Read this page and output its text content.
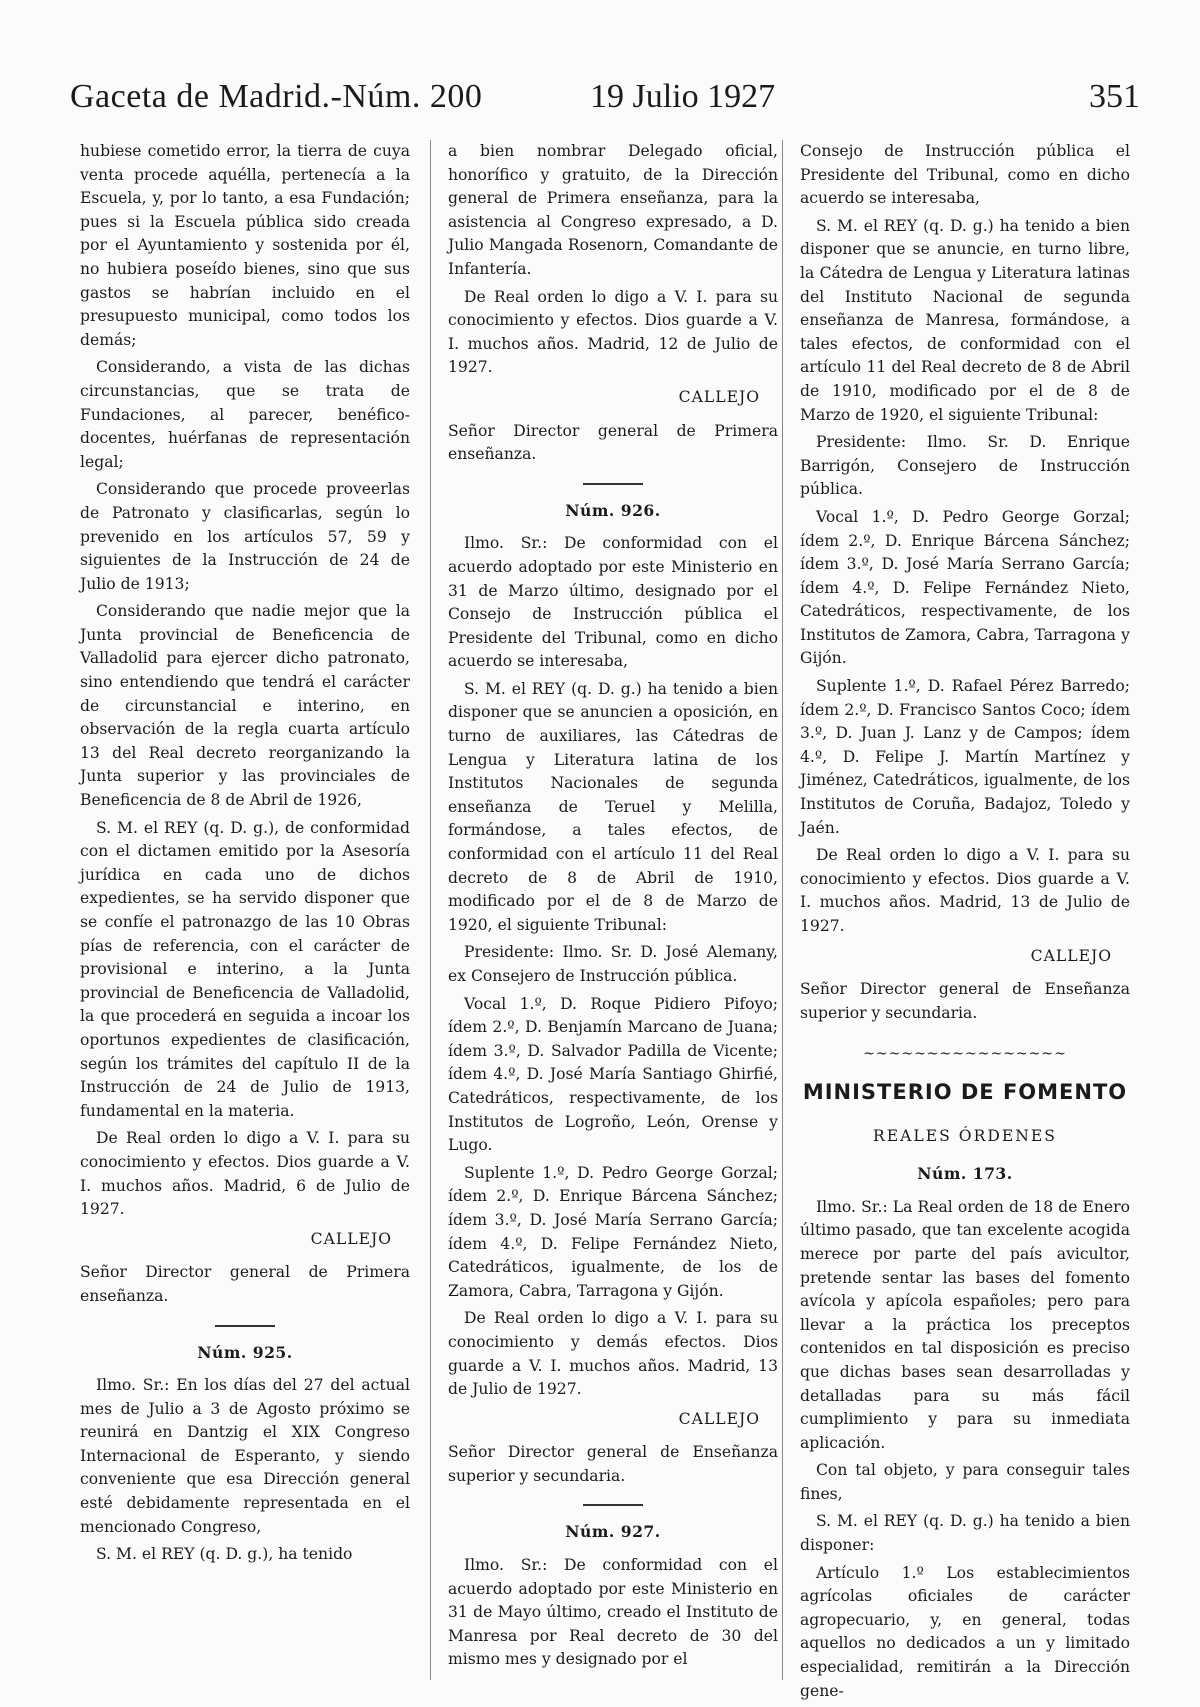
Gaceta de Madrid.-Núm. 200	19 Julio 1927	351

hubiese cometido error, la tierra de cuya venta procede aquélla, pertenecía a la Escuela, y, por lo tanto, a esa Fundación; pues si la Escuela pública sido creada por el Ayuntamiento y sostenida por él, no hubiera poseído bienes, sino que sus gastos se habrían incluido en el presupuesto municipal, como todos los demás;

Considerando, a vista de las dichas circunstancias, que se trata de Fundaciones, al parecer, benéfico-docentes, huérfanas de representación legal;

Considerando que procede proveerlas de Patronato y clasificarlas, según lo prevenido en los artículos 57, 59 y siguientes de la Instrucción de 24 de Julio de 1913;

Considerando que nadie mejor que la Junta provincial de Beneficencia de Valladolid para ejercer dicho patronato, sino entendiendo que tendrá el carácter de circunstancial e interino, en observación de la regla cuarta artículo 13 del Real decreto reorganizando la Junta superior y las provinciales de Beneficencia de 8 de Abril de 1926,

S. M. el REY (q. D. g.), de conformidad con el dictamen emitido por la Asesoría jurídica en cada uno de dichos expedientes, se ha servido disponer que se confíe el patronazgo de las 10 Obras pías de referencia, con el carácter de provisional e interino, a la Junta provincial de Beneficencia de Valladolid, la que procederá en seguida a incoar los oportunos expedientes de clasificación, según los trámites del capítulo II de la Instrucción de 24 de Julio de 1913, fundamental en la materia.

De Real orden lo digo a V. I. para su conocimiento y efectos. Dios guarde a V. I. muchos años. Madrid, 6 de Julio de 1927.

CALLEJO

Señor Director general de Primera enseñanza.

Núm. 925.

Ilmo. Sr.: En los días del 27 del actual mes de Julio a 3 de Agosto próximo se reunirá en Dantzig el XIX Congreso Internacional de Esperanto, y siendo conveniente que esa Dirección general esté debidamente representada en el mencionado Congreso,

S. M. el REY (q. D. g.), ha tenido

a bien nombrar Delegado oficial, honorífico y gratuito, de la Dirección general de Primera enseñanza, para la asistencia al Congreso expresado, a D. Julio Mangada Rosenorn, Comandante de Infantería.

De Real orden lo digo a V. I. para su conocimiento y efectos. Dios guarde a V. I. muchos años. Madrid, 12 de Julio de 1927.

CALLEJO

Señor Director general de Primera enseñanza.

Núm. 926.

Ilmo. Sr.: De conformidad con el acuerdo adoptado por este Ministerio en 31 de Marzo último, designado por el Consejo de Instrucción pública el Presidente del Tribunal, como en dicho acuerdo se interesaba,

S. M. el REY (q. D. g.) ha tenido a bien disponer que se anuncien a oposición, en turno de auxiliares, las Cátedras de Lengua y Literatura latina de los Institutos Nacionales de segunda enseñanza de Teruel y Melilla, formándose, a tales efectos, de conformidad con el artículo 11 del Real decreto de 8 de Abril de 1910, modificado por el de 8 de Marzo de 1920, el siguiente Tribunal:

Presidente: Ilmo. Sr. D. José Alemany, ex Consejero de Instrucción pública.

Vocal 1.º, D. Roque Pidiero Pifoyo; ídem 2.º, D. Benjamín Marcano de Juana; ídem 3.º, D. Salvador Padilla de Vicente; ídem 4.º, D. José María Santiago Ghirfié, Catedráticos, respectivamente, de los Institutos de Logroño, León, Orense y Lugo.

Suplente 1.º, D. Pedro George Gorzal; ídem 2.º, D. Enrique Bárcena Sánchez; ídem 3.º, D. José María Serrano García; ídem 4.º, D. Felipe Fernández Nieto, Catedráticos, igualmente, de los de Zamora, Cabra, Tarragona y Gijón.

De Real orden lo digo a V. I. para su conocimiento y demás efectos. Dios guarde a V. I. muchos años. Madrid, 13 de Julio de 1927.

CALLEJO

Señor Director general de Enseñanza superior y secundaria.

Núm. 927.

Ilmo. Sr.: De conformidad con el acuerdo adoptado por este Ministerio en 31 de Mayo último, creado el Instituto de Manresa por Real decreto de 30 del mismo mes y designado por el

Consejo de Instrucción pública el Presidente del Tribunal, como en dicho acuerdo se interesaba,

S. M. el REY (q. D. g.) ha tenido a bien disponer que se anuncie, en turno libre, la Cátedra de Lengua y Literatura latinas del Instituto Nacional de segunda enseñanza de Manresa, formándose, a tales efectos, de conformidad con el artículo 11 del Real decreto de 8 de Abril de 1910, modificado por el de 8 de Marzo de 1920, el siguiente Tribunal:

Presidente: Ilmo. Sr. D. Enrique Barrigón, Consejero de Instrucción pública.

Vocal 1.º, D. Pedro George Gorzal; ídem 2.º, D. Enrique Bárcena Sánchez; ídem 3.º, D. José María Serrano García; ídem 4.º, D. Felipe Fernández Nieto, Catedráticos, respectivamente, de los Institutos de Zamora, Cabra, Tarragona y Gijón.

Suplente 1.º, D. Rafael Pérez Barredo; ídem 2.º, D. Francisco Santos Coco; ídem 3.º, D. Juan J. Lanz y de Campos; ídem 4.º, D. Felipe J. Martín Martínez y Jiménez, Catedráticos, igualmente, de los Institutos de Coruña, Badajoz, Toledo y Jaén.

De Real orden lo digo a V. I. para su conocimiento y efectos. Dios guarde a V. I. muchos años. Madrid, 13 de Julio de 1927.

CALLEJO

Señor Director general de Enseñanza superior y secundaria.

~~~~~~~~~~~~~~~~

MINISTERIO DE FOMENTO

REALES ÓRDENES

Núm. 173.

Ilmo. Sr.: La Real orden de 18 de Enero último pasado, que tan excelente acogida merece por parte del país avicultor, pretende sentar las bases del fomento avícola y apícola españoles; pero para llevar a la práctica los preceptos contenidos en tal disposición es preciso que dichas bases sean desarrolladas y detalladas para su más fácil cumplimiento y para su inmediata aplicación.

Con tal objeto, y para conseguir tales fines,

S. M. el REY (q. D. g.) ha tenido a bien disponer:

Artículo 1.º Los establecimientos agrícolas oficiales de carácter agropecuario, y, en general, todas aquellos no dedicados a un y limitado especialidad, remitirán a la Dirección gene-
